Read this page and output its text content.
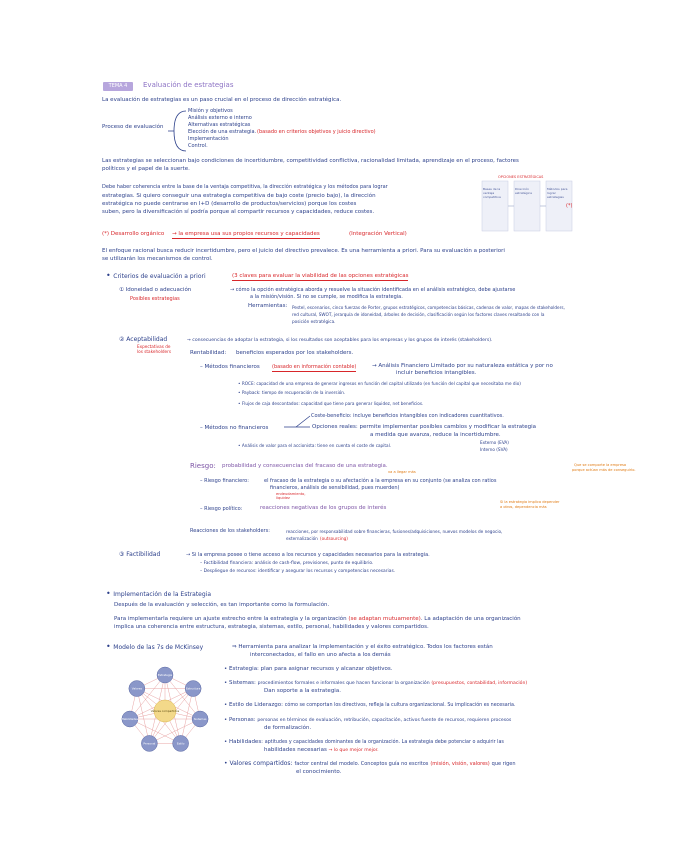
TEMA 4	Evaluación de estrategias
La evaluación de estrategias es un paso crucial en el proceso de dirección estratégica.
Proceso de evaluación
Misión y objetivos
Análisis externo e interno
Alternativas estratégicas
Elección de una estrategia. (basado en criterios objetivos y juicio directivo)
Implementación
Control.
Las estrategias se seleccionan bajo condiciones de incertidumbre, competitividad conflictiva, racionalidad limitada, aprendizaje en el proceso, factores
políticos y el papel de la suerte.
Debe haber coherencia entre la base de la ventaja competitiva, la dirección estratégica y los métodos para lograr
estrategias. Si quiero conseguir una estrategia competitiva de bajo coste (precio bajo), la dirección
estratégica no puede centrarse en I+D (desarrollo de productos/servicios) porque los costes
suben, pero la diversificación sí podría porque al compartir recursos y capacidades, reduce costes.
OPCIONES ESTRATÉGICAS
Bases de la ventaja competitiva
Dirección estratégica
Métodos para lograr estrategias
(*)
(*) Desarrollo orgánico → la empresa usa sus propios recursos y capacidades	(Integración Vertical)
El enfoque racional busca reducir incertidumbre, pero el juicio del directivo prevalece. Es una herramienta a priori. Para su evaluación a posteriori
se utilizarán los mecanismos de control.
• Criterios de evaluación a priori	(3 claves para evaluar la viabilidad de las opciones estratégicas
① Idoneidad o adecuación
Posibles estrategias
→ cómo la opción estratégica aborda y resuelve la situación identificada en el análisis estratégico, debe ajustarse
a la misión/visión. Si no se cumple, se modifica la estrategia.
Herramientas: Pestel, escenarios, cinco fuerzas de Porter, grupos estratégicos, competencias básicas, cadenas de valor, mapas de stakeholders,
red cultural, SWOT, jerarquía de idoneidad, árboles de decisión, clasificación según los factores claves resaltando con la
posición estratégica.
② Aceptabilidad
Expectativas de los stakeholders
→ consecuencias de adoptar la estrategia, si los resultados son aceptables para los empresas y los grupos de interés (stakeholders).
Rentabilidad: beneficios esperados por los stakeholders.
– Métodos financieros (basado en información contable)	→ Análisis Financiero Limitado por su naturaleza estática y por no
incluir beneficios intangibles.
• ROCE: capacidad de una empresa de generar ingresos en función del capital utilizado (en función del capital que necesitaba me dio)
• Payback: tiempo de recuperación de la inversión.
• Flujos de caja descontados: capacidad que tiene para generar liquidez, net beneficios.
– Métodos no financieros
Coste-beneficio: incluye beneficios intangibles con indicadores cuantitativos.
Opciones reales: permite implementar posibles cambios y modificar la estrategia
a medida que avanza, reduce la incertidumbre.
• Análisis de valor para el accionista: tiene en cuenta el coste de capital.
Externo (EVA)
Interno (SVA)
Riesgo: probabilidad y consecuencias del fracaso de una estrategia.
va a llegar más
Que se comporte la empresa
porque actúan más de conseguirlo.
– Riesgo financiero:	el fracaso de la estrategia o su afectación a la empresa en su conjunto (se analiza con ratios
financieros, análisis de sensibilidad, pues muerden)
endeudamiento, liquidez
– Riesgo político:	reacciones negativas de los grupos de interés
Si la estrategia implica depender
a otros, dependencia más
Reacciones de los stakeholders:	reacciones, por responsabilidad sobre financieras, fusiones/adquisiciones, nuevos modelos de negocio,
externalización (outsourcing)
③ Factibilidad	→ Si la empresa posee o tiene acceso a los recursos y capacidades necesarios para la estrategia.
– Factibilidad financiera: análisis de cash-flow, previsiones, punto de equilibrio.
– Despliegue de recursos: identificar y asegurar los recursos y competencias necesarias.
• Implementación de la Estrategia
Después de la evaluación y selección, es tan importante como la formulación.
Para implementarla requiere un ajuste estrecho entre la estrategia y la organización (se adaptan mutuamente). La adaptación de una organización
implica una coherencia entre estructura, estrategia, sistemas, estilo, personal, habilidades y valores compartidos.
• Modelo de las 7s de McKinsey	⇒ Herramienta para analizar la implementación y el éxito estratégico. Todos los factores están
interconectados, el fallo en uno afecta a los demás
Valores compartidos
Estrategia
Estructura
Sistemas
Estilo
Personal
Habilidades
Valores
• Estrategia: plan para asignar recursos y alcanzar objetivos.
• Sistemas: procedimientos formales e informales que hacen funcionar la organización (presupuestos, contabilidad, información)
Dan soporte a la estrategia.
• Estilo de Liderazgo: cómo se comportan los directivos, refleja la cultura organizacional. Su implicación es necesaria.
• Personas: personas en términos de evaluación, retribución, capacitación, activos fuente de recursos, requieren procesos
de formalización.
• Habilidades: aptitudes y capacidades dominantes de la organización. La estrategia debe potenciar o adquirir las
habilidades necesarias → lo que mejor mejor.
• Valores compartidos: factor central del modelo. Conceptos guía no escritos (misión, visión, valores) que rigen
el conocimiento.
